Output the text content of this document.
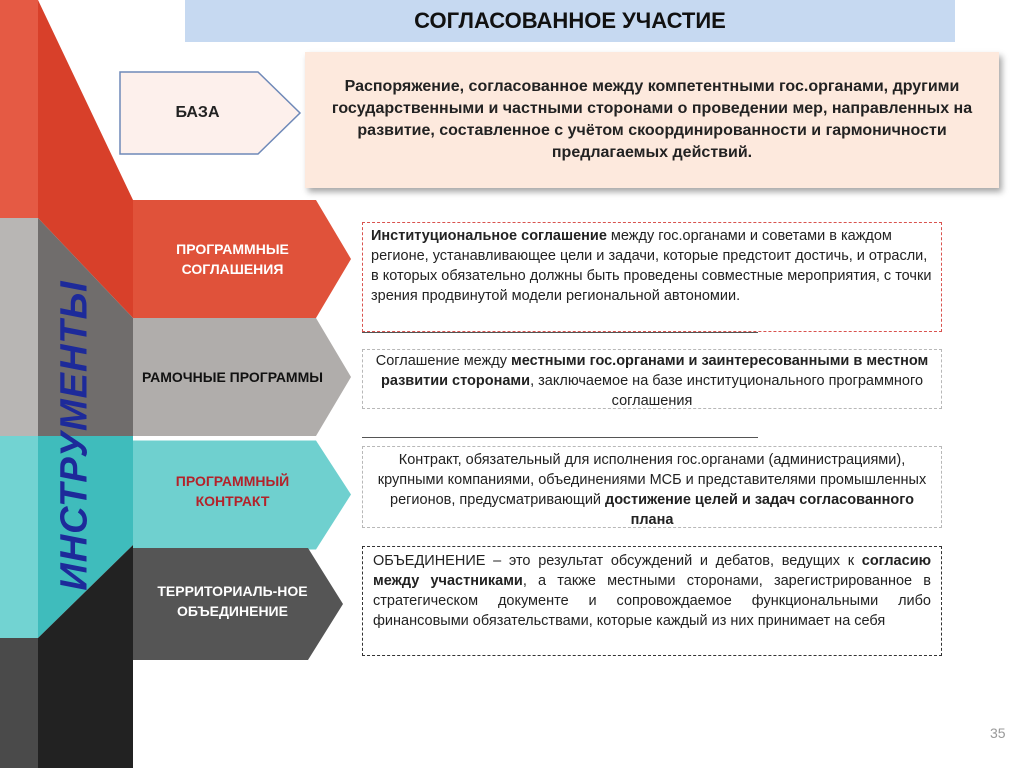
ИНСТРУМЕНТЫ
СОГЛАСОВАННОЕ УЧАСТИЕ
БАЗА
Распоряжение, согласованное между компетентными гос.органами, другими государственными и частными сторонами о проведении мер, направленных на развитие, составленное с учётом скоординированности и гармоничности предлагаемых действий.
ПРОГРАММНЫЕ СОГЛАШЕНИЯ
РАМОЧНЫЕ ПРОГРАММЫ
ПРОГРАММНЫЙ КОНТРАКТ
ТЕРРИТОРИАЛЬ-НОЕ ОБЪЕДИНЕНИЕ
Институциональное соглашение между гос.органами и советами в каждом регионе, устанавливающее цели и задачи, которые предстоит достичь, и отрасли, в которых обязательно должны быть проведены совместные мероприятия, с точки зрения продвинутой модели региональной автономии.
Соглашение между местными гос.органами и заинтересованными в местном развитии сторонами, заключаемое на базе институционального программного соглашения
Контракт, обязательный для исполнения гос.органами (администрациями), крупными компаниями, объединениями МСБ и представителями промышленных регионов, предусматривающий достижение целей и задач согласованного плана
ОБЪЕДИНЕНИЕ – это результат обсуждений и дебатов, ведущих к согласию между участниками, а также местными сторонами, зарегистрированное в стратегическом документе и сопровождаемое функциональными либо финансовыми обязательствами, которые каждый из них принимает на себя
35
